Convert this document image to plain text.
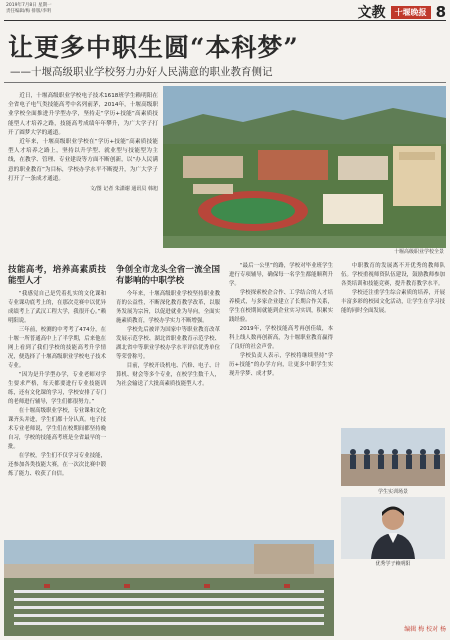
2019年7月8日 星期一
责任编辑/梅 排版/李明	文教	十堰晚报 8
让更多中职生圆“本科梦”
——十堰高级职业学校努力办好人民满意的职业教育侧记

近日，十堰高级职业学校电子技术1618班学生赖明阳在全省电子电气类技能高考中名列前茅，2014年，十堰高级职业学校全面推进升学型办学，坚持走“学历+技能”高素质技能型人才培养之路，技能高考成绩年年攀升，为广大学子打开了圆梦大学的通道。

近年来，十堰高级职业学校在“学历+技能”高素质技能型人才培养之路上，坚持以升学型、就业型与技能型为主线，在教学、管理、专业建设等方面不断创新，以“办人民满意的职业教育”为目标，学校办学水平不断提升，为广大学子打开了一条成才通道。

文/图 记者 朱潇谢 通讯员 韩旭
十堰高级职业学校全景
技能高考，培养高素质技能型人才

“我感觉自己是凭着扎实的文化课和专业课功底考上的，在那次竞赛中以优异成绩考上了武汉工程大学，我很开心。”赖明阳说。

三年前，校测的中考考了474分，在十堰一所普通高中上了半学期，后来他在网上看到了我们学校的技能高考升学情况，便选择了十堰高级职业学校电子技术专业。

“因为是升学型办学，专业老师对学生要求严格，每天都要进行专业技能训练，还有文化课的学习，学校安排了专门的老师进行辅导，学生们都很努力。”

在十堰高级职业学校，专业课和文化课齐头并进，学生们都十分认真。电子技术专业老师说，学生们在校期间都坚持晚自习，学校的技能高考班是全省最早的一批。

在学校，学生们不仅学习专业技能，还参加各类技能大赛，在一次次比赛中锻炼了能力、收获了自信。

争创全市龙头全省一流全国有影响的中职学校

今年来，十堰高级职业学校坚持职业教育的公益性，不断深化教育教学改革，以服务发展为宗旨，以促进就业为导向，全面实施素质教育，学校办学实力不断增强。

学校先后被评为国家中等职业教育改革发展示范学校、湖北省职业教育示范学校、湖北省中等职业学校办学水平评估优秀单位等荣誉称号。

目前，学校开设机电、汽修、电子、计算机、财会等多个专业，在校学生数千人，为社会输送了大批高素质技能型人才。

“最后一公里”的路，学校对毕业班学生进行专项辅导，确保每一名学生都能顺利升学。

学校探索校企合作、工学结合的人才培养模式，与多家企业建立了长期合作关系，学生在校期间就能到企业实习实训，积累实践经验。

2019年，学校技能高考再创佳绩，本科上线人数再创新高，为十堰职业教育赢得了良好的社会声誉。

学校负责人表示，学校将继续坚持“学历+技能”的办学方向，让更多中职学生实现升学梦、成才梦。

中职教育的发展离不开优秀的教师队伍。学校重视师资队伍建设，鼓励教师参加各类培训和技能竞赛，提升教育教学水平。

学校还注重学生综合素质的培养，开展丰富多彩的校园文化活动，让学生在学习技能的同时全面发展。

学生实训场景
优秀学子赖明阳
编辑 梅 校对 杨
